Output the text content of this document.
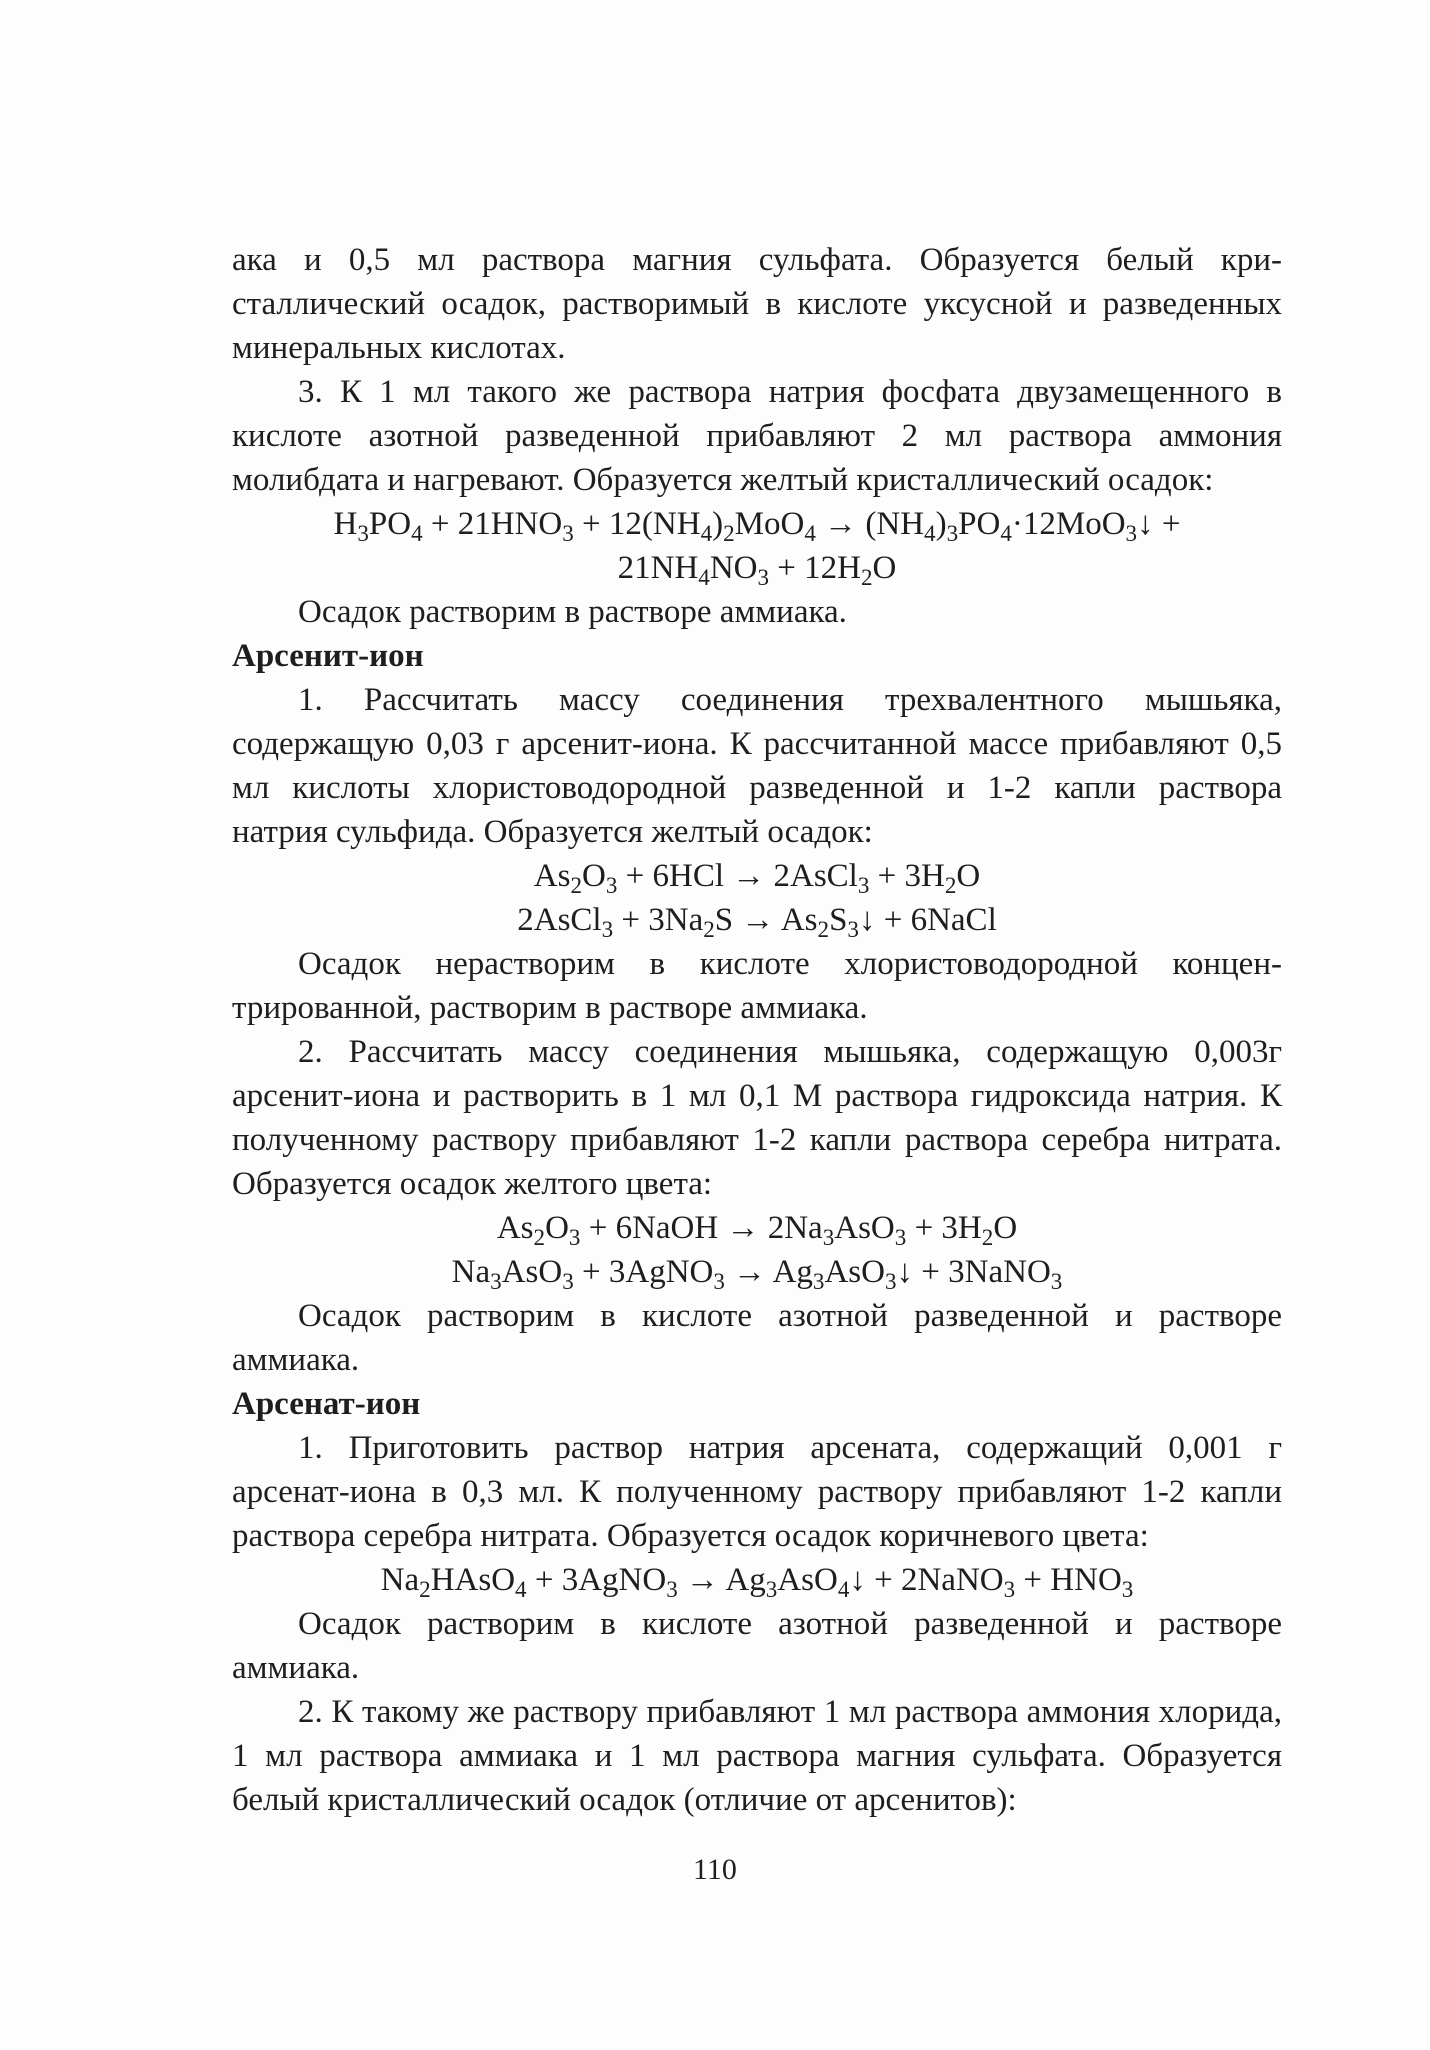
ака и 0,5 мл раствора магния сульфата. Образуется белый кристаллический осадок, растворимый в кислоте уксусной и разведенных минеральных кислотах.

3. К 1 мл такого же раствора натрия фосфата двузамещенного в кислоте азотной разведенной прибавляют 2 мл раствора аммония молибдата и нагревают. Образуется желтый кристаллический осадок:

$H_3PO_4 + 21HNO_3 + 12(NH_4)_2MoO_4$ → $(NH_4)_3PO_4\cdot 12MoO_3↓$ +

$21NH_4NO_3 + 12H_2O$

Осадок растворим в растворе аммиака.

Арсенит-ион

1. Рассчитать массу соединения трехвалентного мышьяка, содержащую 0,03 г арсенит-иона. К рассчитанной массе прибавляют 0,5 мл кислоты хлористоводородной разведенной и 1-2 капли раствора натрия сульфида. Образуется желтый осадок:

$As_2O_3 + 6HCl$ → 2AsCl$_3$ + $3H_2O$

2AsCl$_3$ + $3Na_2S$ → $As_2S_3↓$ + 6NaCl

Осадок нерастворим в кислоте хлористоводородной концентрированной, растворим в растворе аммиака.

2. Рассчитать массу соединения мышьяка, содержащую 0,003г арсенит-иона и растворить в 1 мл 0,1 М раствора гидроксида натрия. К полученному раствору прибавляют 1-2 капли раствора серебра нитрата. Образуется осадок желтого цвета:

$As_2O_3$ + 6NaOH → $2Na_3AsO_3 + 3H_2O$

$Na_3AsO_3$ + 3AgNO$_3$ → $Ag_3AsO_3↓$ + 3NaNO$_3$

Осадок растворим в кислоте азотной разведенной и растворе аммиака.

Арсенат-ион

1. Приготовить раствор натрия арсената, содержащий 0,001 г арсенат-иона в 0,3 мл. К полученному раствору прибавляют 1-2 капли раствора серебра нитрата. Образуется осадок коричневого цвета:

$Na_2HAsO_4$ + 3AgNO$_3$ → $Ag_3AsO_4↓$ + 2NaNO$_3$ + $HNO_3$

Осадок растворим в кислоте азотной разведенной и растворе аммиака.

2. К такому же раствору прибавляют 1 мл раствора аммония хлорида, 1 мл раствора аммиака и 1 мл раствора магния сульфата. Образуется белый кристаллический осадок (отличие от арсенитов):

110
